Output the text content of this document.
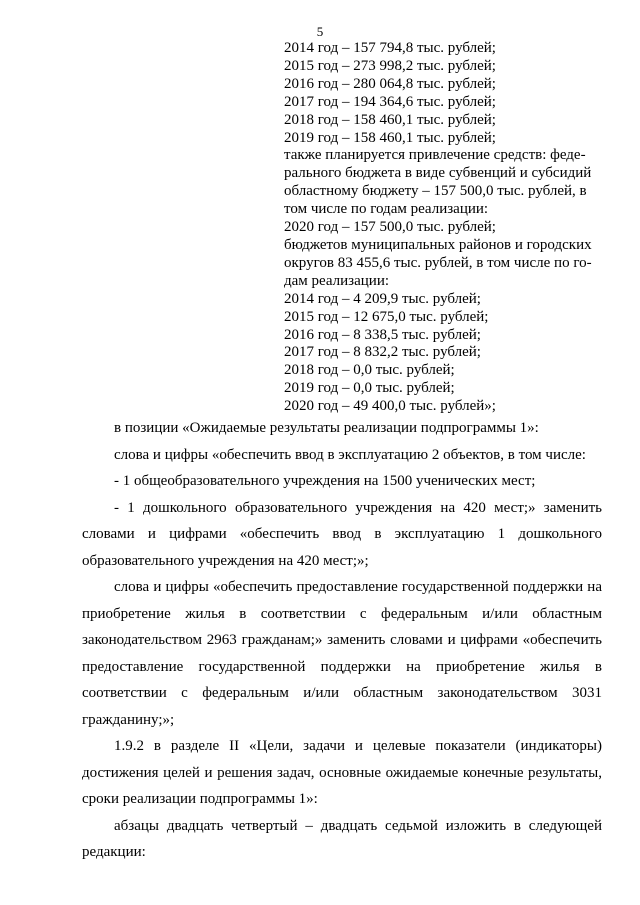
5
2014 год – 157 794,8 тыс. рублей;
2015 год – 273 998,2 тыс. рублей;
2016 год – 280 064,8 тыс. рублей;
2017 год – 194 364,6 тыс. рублей;
2018 год – 158 460,1 тыс. рублей;
2019 год – 158 460,1 тыс. рублей;
также планируется привлечение средств: феде-
рального бюджета в виде субвенций и субсидий
областному бюджету – 157 500,0 тыс. рублей, в
том числе по годам реализации:
2020 год – 157 500,0 тыс. рублей;
бюджетов муниципальных районов и городских
округов 83 455,6 тыс. рублей, в том числе по го-
дам реализации:
2014 год – 4 209,9 тыс. рублей;
2015 год – 12 675,0 тыс. рублей;
2016 год – 8 338,5 тыс. рублей;
2017 год – 8 832,2 тыс. рублей;
2018 год – 0,0 тыс. рублей;
2019 год – 0,0 тыс. рублей;
2020 год – 49 400,0 тыс. рублей»;

в позиции «Ожидаемые результаты реализации подпрограммы 1»:

слова и цифры «обеспечить ввод в эксплуатацию 2 объектов, в том числе:

- 1 общеобразовательного учреждения на 1500 ученических мест;

- 1 дошкольного образовательного учреждения на 420 мест;» заменить словами и цифрами «обеспечить ввод в эксплуатацию 1 дошкольного образовательного учреждения на 420 мест;»;

слова и цифры «обеспечить предоставление государственной поддержки на приобретение жилья в соответствии с федеральным и/или областным законодательством 2963 гражданам;» заменить словами и цифрами «обеспечить предоставление государственной поддержки на приобретение жилья в соответствии с федеральным и/или областным законодательством 3031 гражданину;»;

1.9.2 в разделе II «Цели, задачи и целевые показатели (индикаторы) достижения целей и решения задач, основные ожидаемые конечные результаты, сроки реализации подпрограммы 1»:

абзацы двадцать четвертый – двадцать седьмой изложить в следующей редакции:
